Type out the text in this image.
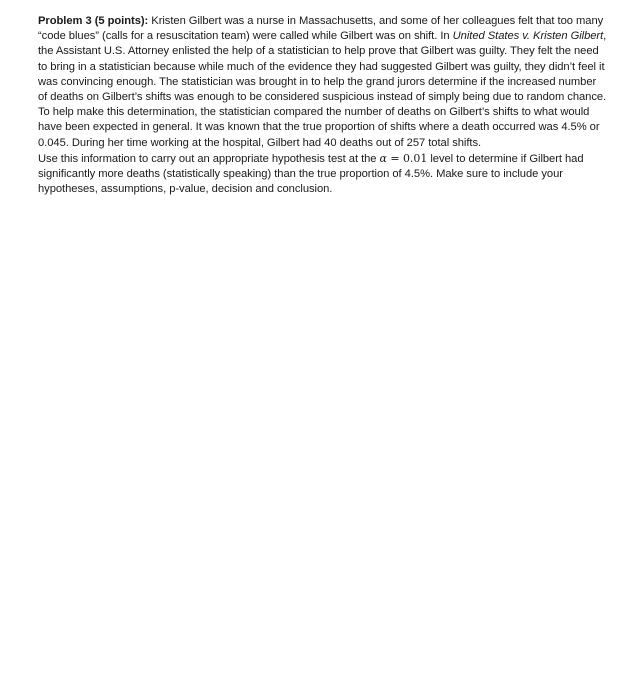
Problem 3 (5 points): Kristen Gilbert was a nurse in Massachusetts, and some of her colleagues felt that too many “code blues” (calls for a resuscitation team) were called while Gilbert was on shift. In United States v. Kristen Gilbert, the Assistant U.S. Attorney enlisted the help of a statistician to help prove that Gilbert was guilty. They felt the need to bring in a statistician because while much of the evidence they had suggested Gilbert was guilty, they didn’t feel it was convincing enough. The statistician was brought in to help the grand jurors determine if the increased number of deaths on Gilbert’s shifts was enough to be considered suspicious instead of simply being due to random chance. To help make this determination, the statistician compared the number of deaths on Gilbert’s shifts to what would have been expected in general. It was known that the true proportion of shifts where a death occurred was 4.5% or 0.045. During her time working at the hospital, Gilbert had 40 deaths out of 257 total shifts.

Use this information to carry out an appropriate hypothesis test at the α = 0.01 level to determine if Gilbert had significantly more deaths (statistically speaking) than the true proportion of 4.5%. Make sure to include your hypotheses, assumptions, p-value, decision and conclusion.
